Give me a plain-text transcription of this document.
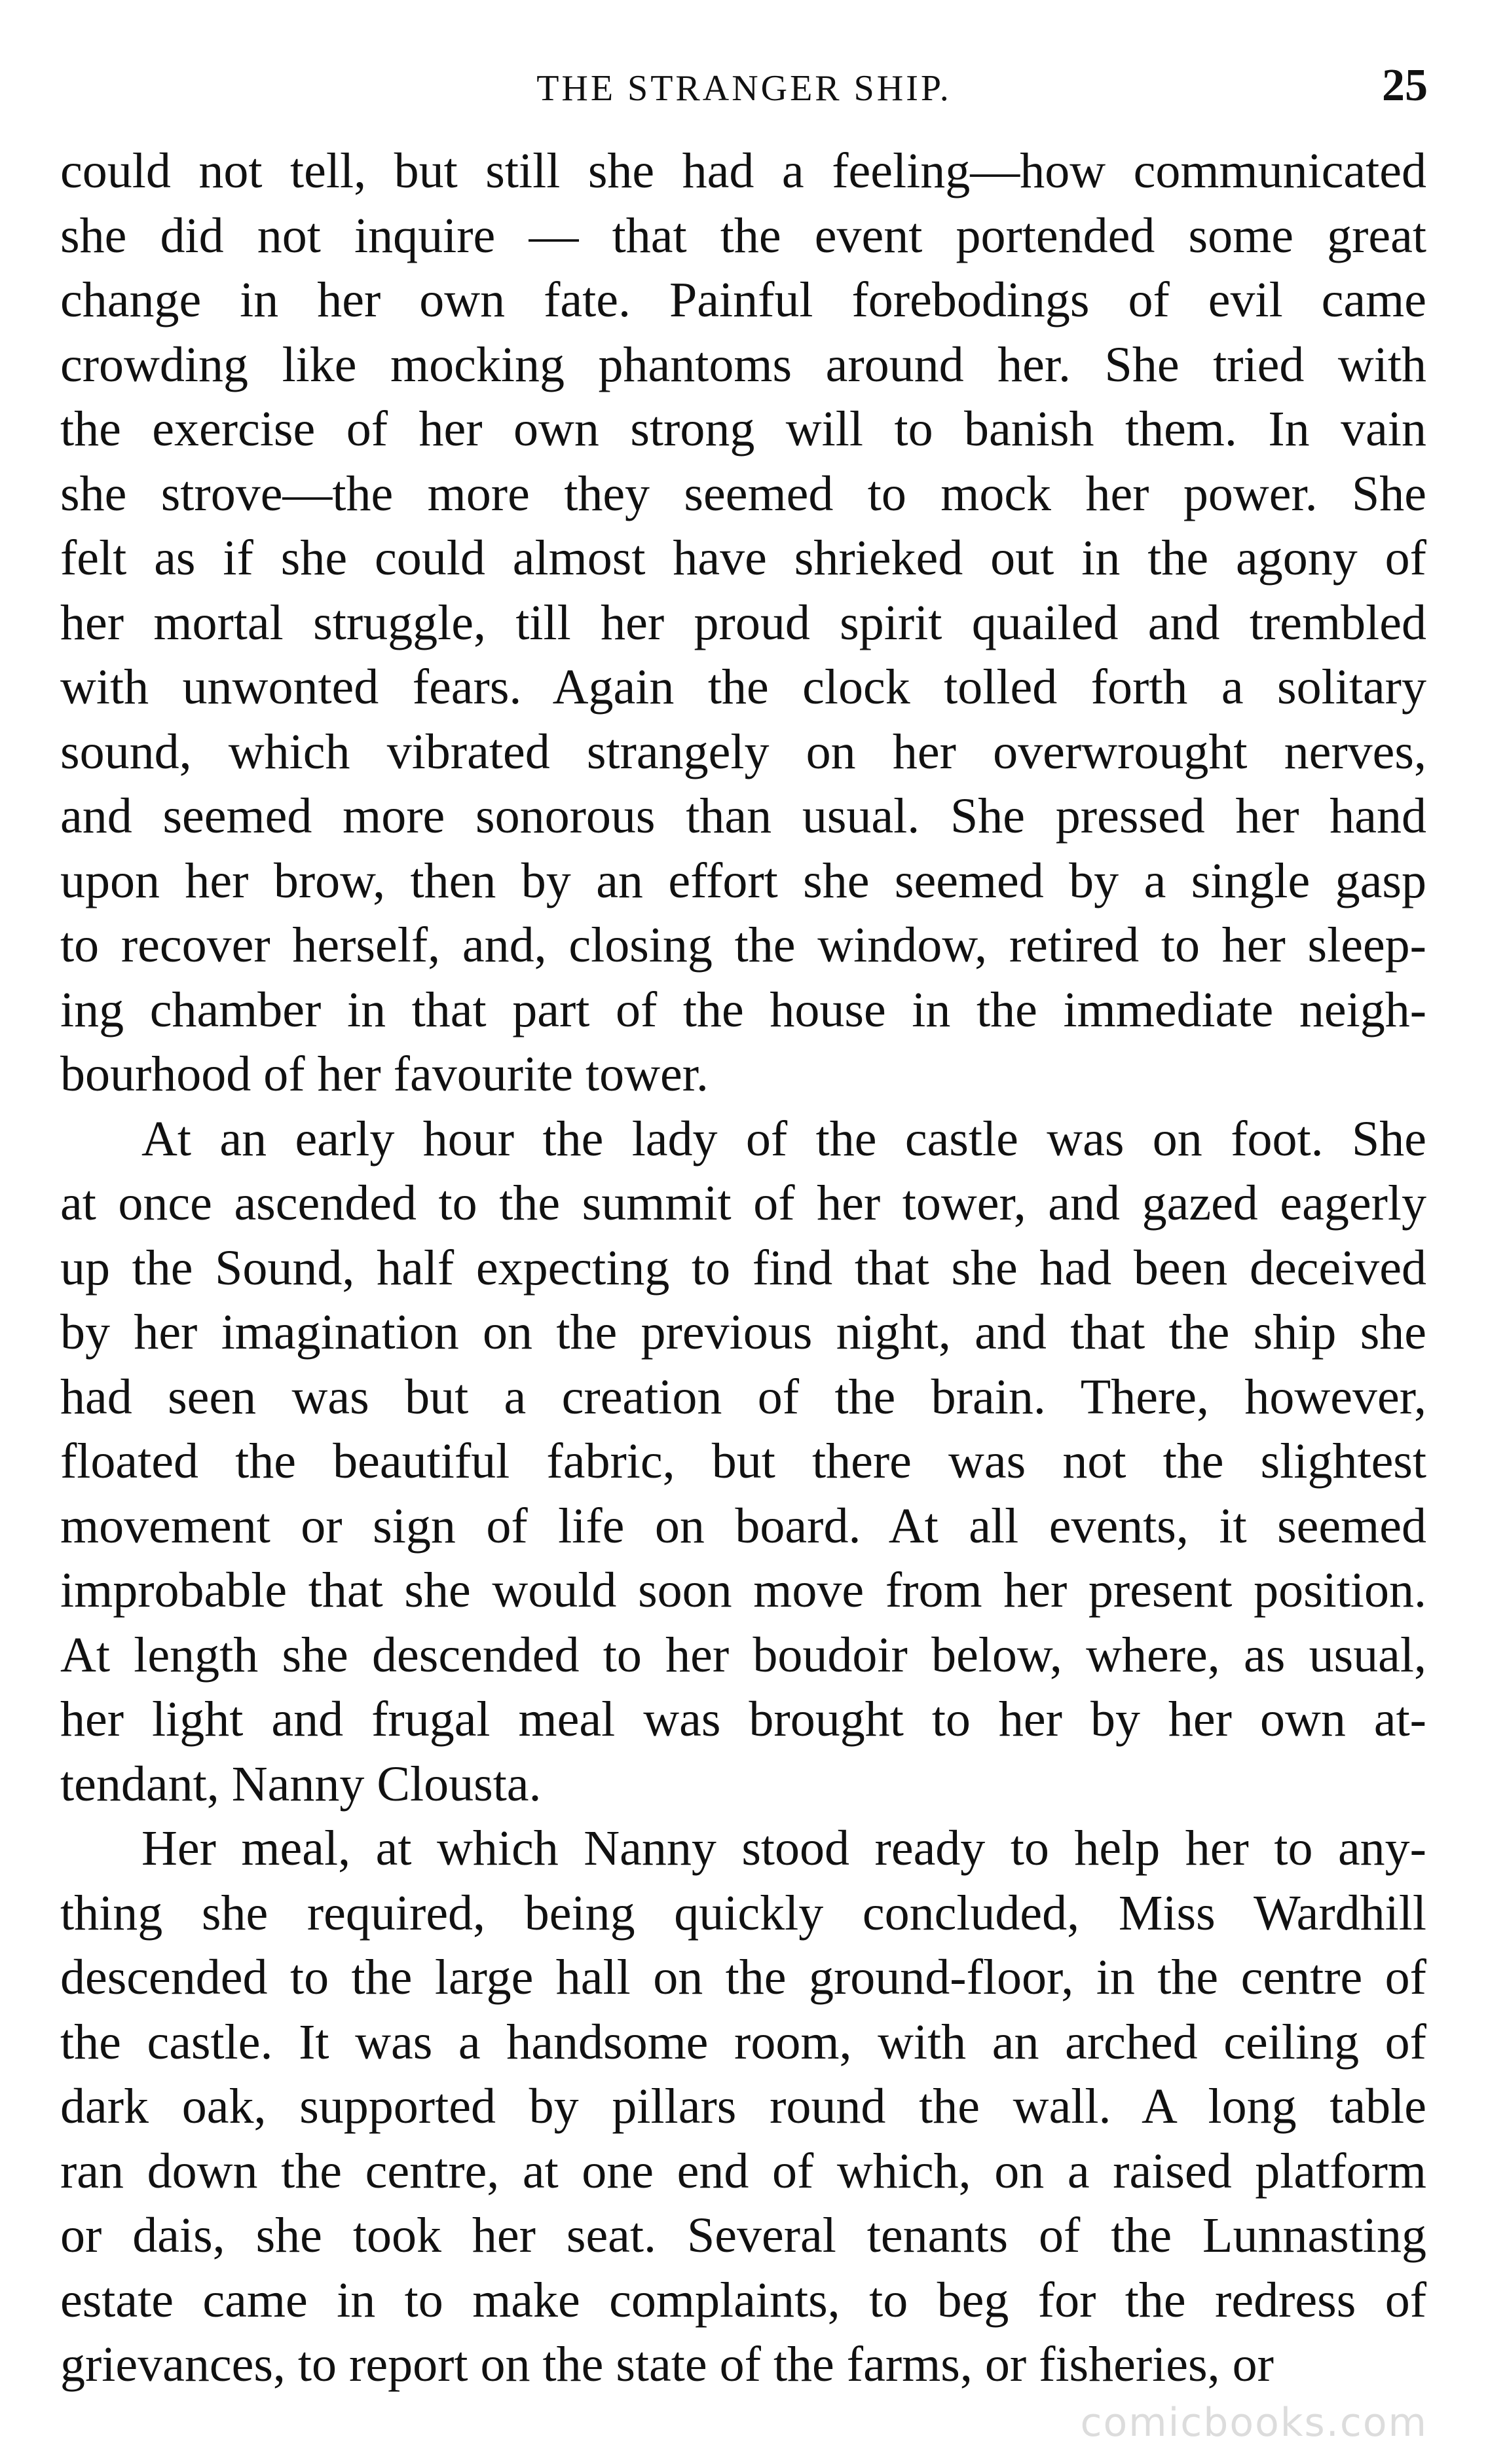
THE STRANGER SHIP.	25
could not tell, but still she had a feeling—how communicated
she did not inquire — that the event portended some great
change in her own fate. Painful forebodings of evil came
crowding like mocking phantoms around her. She tried with
the exercise of her own strong will to banish them. In vain
she strove—the more they seemed to mock her power. She
felt as if she could almost have shrieked out in the agony of
her mortal struggle, till her proud spirit quailed and trembled
with unwonted fears. Again the clock tolled forth a solitary
sound, which vibrated strangely on her overwrought nerves,
and seemed more sonorous than usual. She pressed her hand
upon her brow, then by an effort she seemed by a single gasp
to recover herself, and, closing the window, retired to her sleep-
ing chamber in that part of the house in the immediate neigh-
bourhood of her favourite tower.
At an early hour the lady of the castle was on foot. She
at once ascended to the summit of her tower, and gazed eagerly
up the Sound, half expecting to find that she had been deceived
by her imagination on the previous night, and that the ship she
had seen was but a creation of the brain. There, however,
floated the beautiful fabric, but there was not the slightest
movement or sign of life on board. At all events, it seemed
improbable that she would soon move from her present position.
At length she descended to her boudoir below, where, as usual,
her light and frugal meal was brought to her by her own at-
tendant, Nanny Clousta.
Her meal, at which Nanny stood ready to help her to any-
thing she required, being quickly concluded, Miss Wardhill
descended to the large hall on the ground-floor, in the centre of
the castle. It was a handsome room, with an arched ceiling of
dark oak, supported by pillars round the wall. A long table
ran down the centre, at one end of which, on a raised platform
or dais, she took her seat. Several tenants of the Lunnasting
estate came in to make complaints, to beg for the redress of
grievances, to report on the state of the farms, or fisheries, or
comicbooks.com
